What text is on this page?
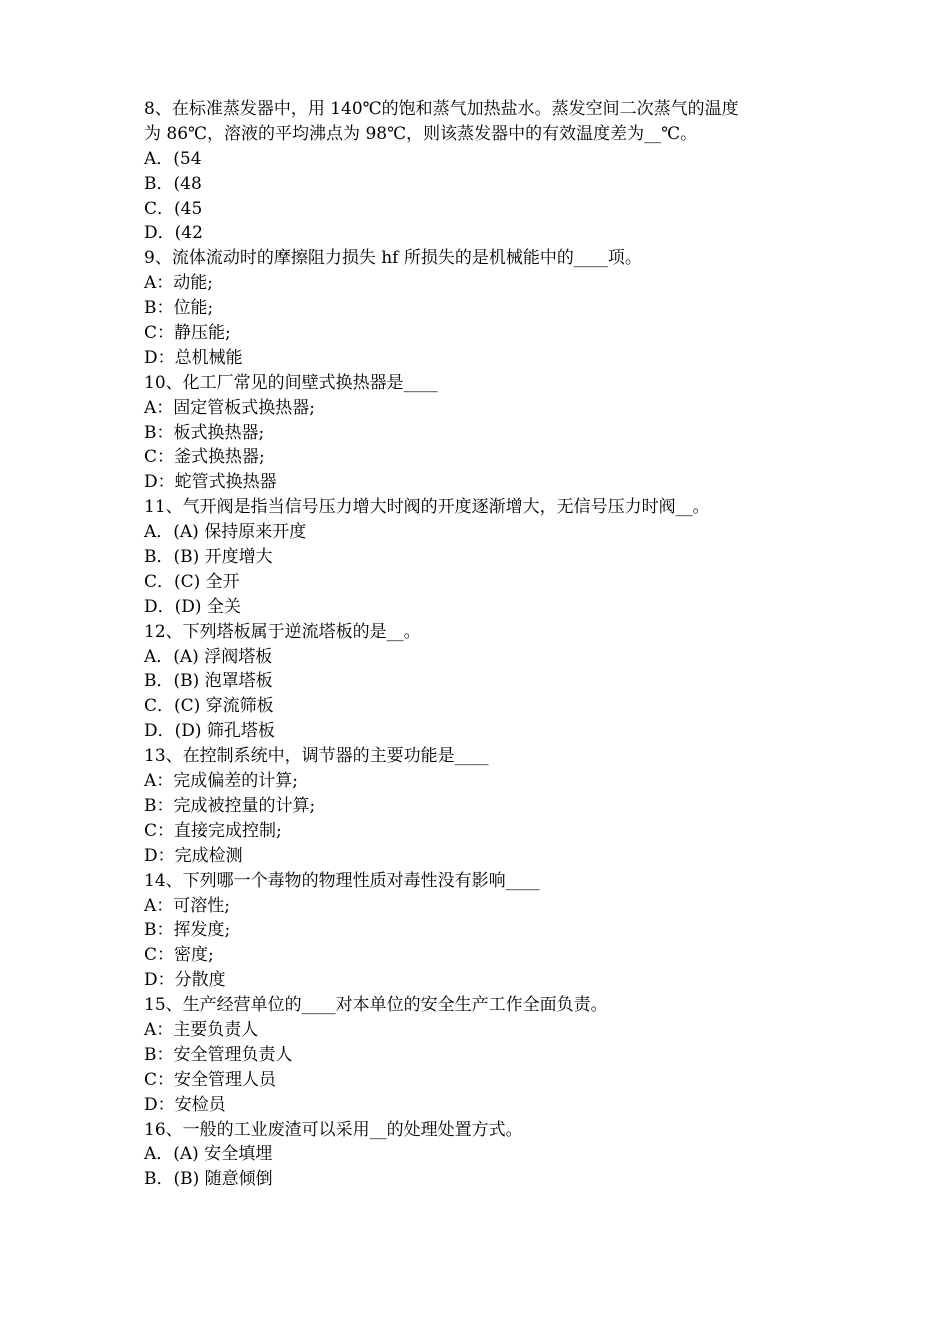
8、在标准蒸发器中，用 140℃的饱和蒸气加热盐水。蒸发空间二次蒸气的温度
为 86℃，溶液的平均沸点为 98℃，则该蒸发器中的有效温度差为__℃。
A．(54
B．(48
C．(45
D．(42
9、流体流动时的摩擦阻力损失 hf 所损失的是机械能中的____项。
A：动能;
B：位能;
C：静压能;
D：总机械能
10、化工厂常见的间壁式换热器是____
A：固定管板式换热器;
B：板式换热器;
C：釜式换热器;
D：蛇管式换热器
11、气开阀是指当信号压力增大时阀的开度逐渐增大，无信号压力时阀__。
A．(A) 保持原来开度
B．(B) 开度增大
C．(C) 全开
D．(D) 全关
12、下列塔板属于逆流塔板的是__。
A．(A) 浮阀塔板
B．(B) 泡罩塔板
C．(C) 穿流筛板
D．(D) 筛孔塔板
13、在控制系统中，调节器的主要功能是____
A：完成偏差的计算;
B：完成被控量的计算;
C：直接完成控制;
D：完成检测
14、下列哪一个毒物的物理性质对毒性没有影响____
A：可溶性;
B：挥发度;
C：密度;
D：分散度
15、生产经营单位的____对本单位的安全生产工作全面负责。
A：主要负责人
B：安全管理负责人
C：安全管理人员
D：安检员
16、一般的工业废渣可以采用__的处理处置方式。
A．(A) 安全填埋
B．(B) 随意倾倒
